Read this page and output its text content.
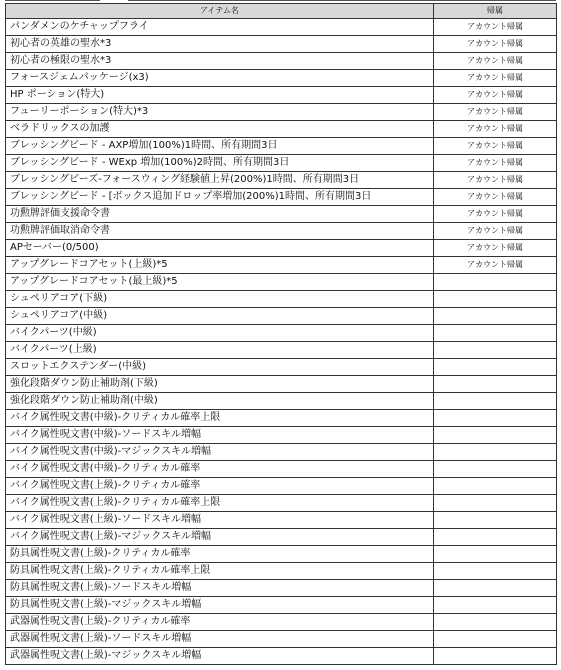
アイテム名	帰属
パンダメンのケチャップフライ	アカウント帰属
初心者の英雄の聖水*3	アカウント帰属
初心者の極限の聖水*3	アカウント帰属
フォースジェムパッケージ(x3)	アカウント帰属
HP ポーション(特大)	アカウント帰属
フューリーポーション(特大)*3	アカウント帰属
ベラドリックスの加護	アカウント帰属
ブレッシングビード - AXP増加(100%)1時間、所有期間3日	アカウント帰属
ブレッシングビード - WExp 増加(100%)2時間、所有期間3日	アカウント帰属
ブレッシングビーズ-フォースウィング経験値上昇(200%)1時間、所有期間3日	アカウント帰属
ブレッシングビード - [ボックス追加ドロップ率増加(200%)1時間、所有期間3日	アカウント帰属
功勲牌評価支援命令書	アカウント帰属
功勲牌評価取消命令書	アカウント帰属
APセーバー(0/500)	アカウント帰属
アップグレードコアセット(上級)*5	アカウント帰属
アップグレードコアセット(最上級)*5	
シュペリアコア(下級)	
シュペリアコア(中級)	
バイクパーツ(中級)	
バイクパーツ(上級)	
スロットエクステンダー(中級)	
強化段階ダウン防止補助剤(下級)	
強化段階ダウン防止補助剤(中級)	
バイク属性呪文書(中級)-クリティカル確率上限	
バイク属性呪文書(中級)-ソードスキル増幅	
バイク属性呪文書(中級)-マジックスキル増幅	
バイク属性呪文書(中級)-クリティカル確率	
バイク属性呪文書(上級)-クリティカル確率	
バイク属性呪文書(上級)-クリティカル確率上限	
バイク属性呪文書(上級)-ソードスキル増幅	
バイク属性呪文書(上級)-マジックスキル増幅	
防具属性呪文書(上級)-クリティカル確率	
防具属性呪文書(上級)-クリティカル確率上限	
防具属性呪文書(上級)-ソードスキル増幅	
防具属性呪文書(上級)-マジックスキル増幅	
武器属性呪文書(上級)-クリティカル確率	
武器属性呪文書(上級)-ソードスキル増幅	
武器属性呪文書(上級)-マジックスキル増幅	
